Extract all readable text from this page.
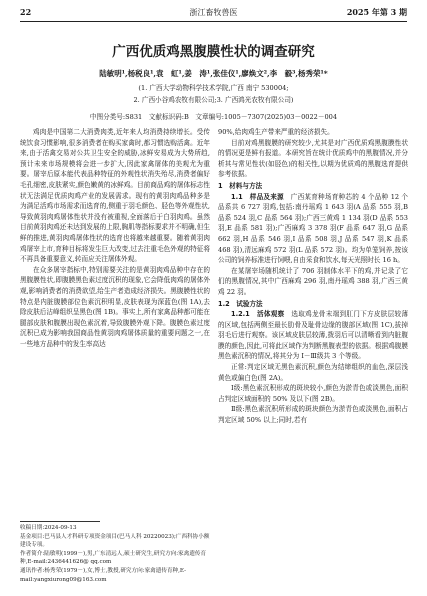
22	浙江畜牧兽医	2025 年第 3 期
广西优质鸡黑腹膜性状的调查研究
陆敏明¹,杨税良¹,袁　虹¹,姜　涛¹,张佳仪¹,廖焕文²,李　毅³,杨秀荣¹*
(1. 广西大学动物科学技术学院,广西 南宁 530004;
2. 广西小谷鸡农牧有限公司;3. 广西鸿光农牧有限公司)
中图分类号:S831　文献标识码:B　文章编号:1005－7307(2025)03－0022－004

鸡肉是中国第二大消费肉类,近年来人均消费持续增长。受传统饮食习惯影响,很多消费者在购买家禽时,都习惯选购活禽。近年来,由于活禽交易对公共卫生安全的威胁,冰鲜安易成为大势所趋,预计未来市场规模将会进一步扩大,因此家禽屠体的美观尤为重要。屠宰后原本能代表品种特征的外观性状消失殆尽,消费者偏好毛孔细密,皮肤紧实,颜色嫩黄的冰鲜鸡。目前商品鸡的屠体标志性状无法满足优质肉鸡产业的发展需求。现有的黄羽肉鸡品种多是为满足活鸡市场需求而选育的,侧重于羽毛颜色、胫色等外观性状,导致黄羽肉鸡屠体性状并没有被重视,全面落后于白羽肉鸡。虽然目前黄羽肉鸡还未达到发展的上限,胸肌等指标要求并不明确,但生鲜的推进,黄羽肉鸡屠体性状的选育也将越来越重要。随着黄羽肉鸡屠宰上市,育种目标将发生巨大改变,过去注重毛色外观的特征将不再具备重要意义,转而应关注屠体外观。

在众多屠宰指标中,特别需要关注的是黄羽肉鸡品种中存在的黑腹膜性状,即腹膜黑色素过度沉积的现象,它会降低肉鸡的屠体外观,影响消费者的消费欲望,给生产者造成经济损失。黑腹膜性状的特点是内脏腹膜部位色素沉积明显,皮肤表现为深蓝色(图 1A),去除皮肤后沾峰组织呈黑色(图 1B)。事实上,所有家禽品种都可能在腿部皮肤和腹膜出现色素沉着,导致腹膜外观下降。腹膜色素过度沉积已成为影响我国商品性黄羽肉鸡屠体质量的重要问题之一,在一些地方品种中的发生率高达

90%,给肉鸡生产带来严重的经济损失。

目前对鸡黑腹膜的研究较少,尤其是对广西优质鸡黑腹膜性状的情况更是鲜有报道。本研究旨在统计优质鸡中的黑腹情况,并分析其与常见性状(如胫色)的相关性,以期为优质鸡的黑腹选育提供参考依据。

1　材料与方法

1.1　样品及来源　 广西某育种场育种芯的 4 个品种 12 个品系共 6 727 羽鸡,包括:南丹瑶鸡 1 643 羽(A 品系 555 羽,B 品系 524 羽,C 品系 564 羽);广西三黄鸡 1 134 羽(D 品系 553 羽,E 品系 581 羽);广西麻鸡 3 378 羽(F 品系 647 羽,G 品系 662 羽,H 品系 546 羽,I 品系 508 羽,J 品系 547 羽,K 品系 468 羽),清远麻鸡 572 羽(L 品系 572 羽)。均为单笼饲养,按该公司的饲养标准进行饲喂,自由采食和饮水,每天光照时长 16 h。

在某屠宰场随机统计了 706 羽制体水平下的鸡,并记录了它们的黑腹情况,其中广西麻鸡 296 羽,南丹瑶鸡 388 羽,广西三黄鸡 22 羽。

1.2　试验方法

1.2.1　活体观察　 选取鸡龙骨末端到肛门下方皮肤层较薄的区域,包括两侧至最长肋骨及耻骨边缘的腹部区域(图 1C),拔掉羽毛后进行观察。该区域皮肤层较薄,拨羽后可以清晰看到内脏腹膜的颜色,因此,可将此区域作为判断黑腹表型的依据。根据鸡腹膜黑色素沉积的情况,将其分为 Ⅰ－Ⅲ级共 3 个等级。

正常:判定区域无黑色素沉积,颜色为结缔组织的血色,深层浅黄色或偏白色(图 2A)。

Ⅰ级:黑色素沉积形成的斑块较小,颜色为淤青色或淡黑色,面积占判定区域面积的 50% 及以下(图 2B)。

Ⅱ级:黑色素沉积所形成的斑块颜色为淤青色或淡黑色,面积占判定区域 50% 以上;同时,若有

收稿日期:2024-09-13
基金项目:巴马县人才科研专项资金项目(巴马人科 20220023);广西科协小额建设专项。
作者简介:陆敏明(1999－),男,广东清远人,硕士研究生,研究方向:家禽遗传育种,E-mail:2436441626@ qq.com
通讯作者:杨秀荣(1979－),女,博士,教授,研究方向:家禽遗传育种,E-mail:yangxiurong09@163.com
